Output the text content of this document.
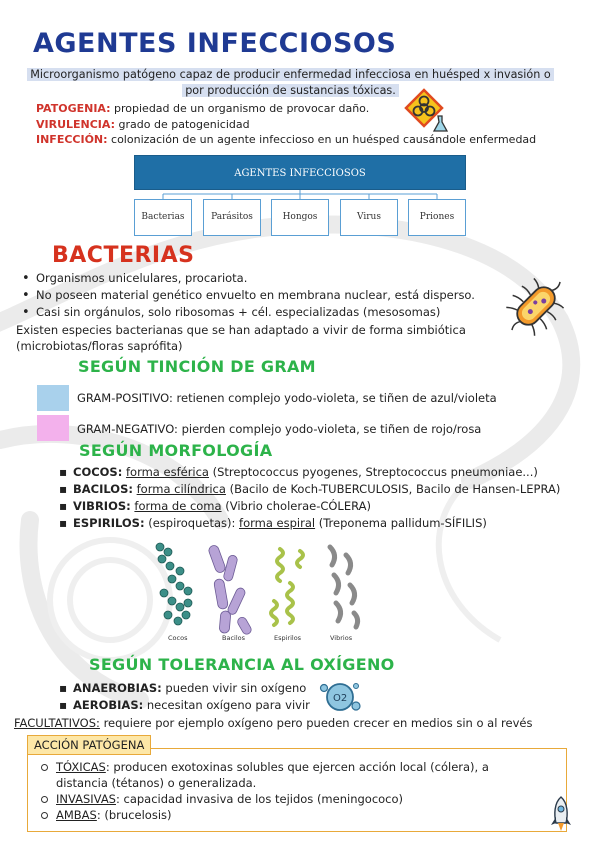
AGENTES INFECCIOSOS
Microorganismo patógeno capaz de producir enfermedad infecciosa en huésped x invasión o por producción de sustancias tóxicas.
PATOGENIA: propiedad de un organismo de provocar daño.
VIRULENCIA: grado de patogenicidad
INFECCIÓN: colonización de un agente infeccioso en un huésped causándole enfermedad
AGENTES INFECCIOSOS
Bacterias	Parásitos	Hongos	Virus	Priones
BACTERIAS
• Organismos unicelulares, procariota.
• No poseen material genético envuelto en membrana nuclear, está disperso.
• Casi sin orgánulos, solo ribosomas + cél. especializadas (mesosomas)
Existen especies bacterianas que se han adaptado a vivir de forma simbiótica (microbiotas/floras saprófita)
SEGÚN TINCIÓN DE GRAM
GRAM-POSITIVO: retienen complejo yodo-violeta, se tiñen de azul/violeta
GRAM-NEGATIVO: pierden complejo yodo-violeta, se tiñen de rojo/rosa
SEGÚN MORFOLOGÍA
▪ COCOS: forma esférica (Streptococcus pyogenes, Streptococcus pneumoniae...)
▪ BACILOS: forma cilíndrica (Bacilo de Koch-TUBERCULOSIS, Bacilo de Hansen-LEPRA)
▪ VIBRIOS: forma de coma (Vibrio cholerae-CÓLERA)
▪ ESPIRILOS: (espiroquetas): forma espiral (Treponema pallidum-SÍFILIS)
Cocos	Bacilos	Espirilos	Vibrios
SEGÚN TOLERANCIA AL OXÍGENO
▪ ANAEROBIAS: pueden vivir sin oxígeno
▪ AEROBIAS: necesitan oxígeno para vivir	O2
FACULTATIVOS: requiere por ejemplo oxígeno pero pueden crecer en medios sin o al revés
ACCIÓN PATÓGENA
TÓXICAS: producen exotoxinas solubles que ejercen acción local (cólera), a distancia (tétanos) o generalizada.
INVASIVAS: capacidad invasiva de los tejidos (meningococo)
AMBAS: (brucelosis)
